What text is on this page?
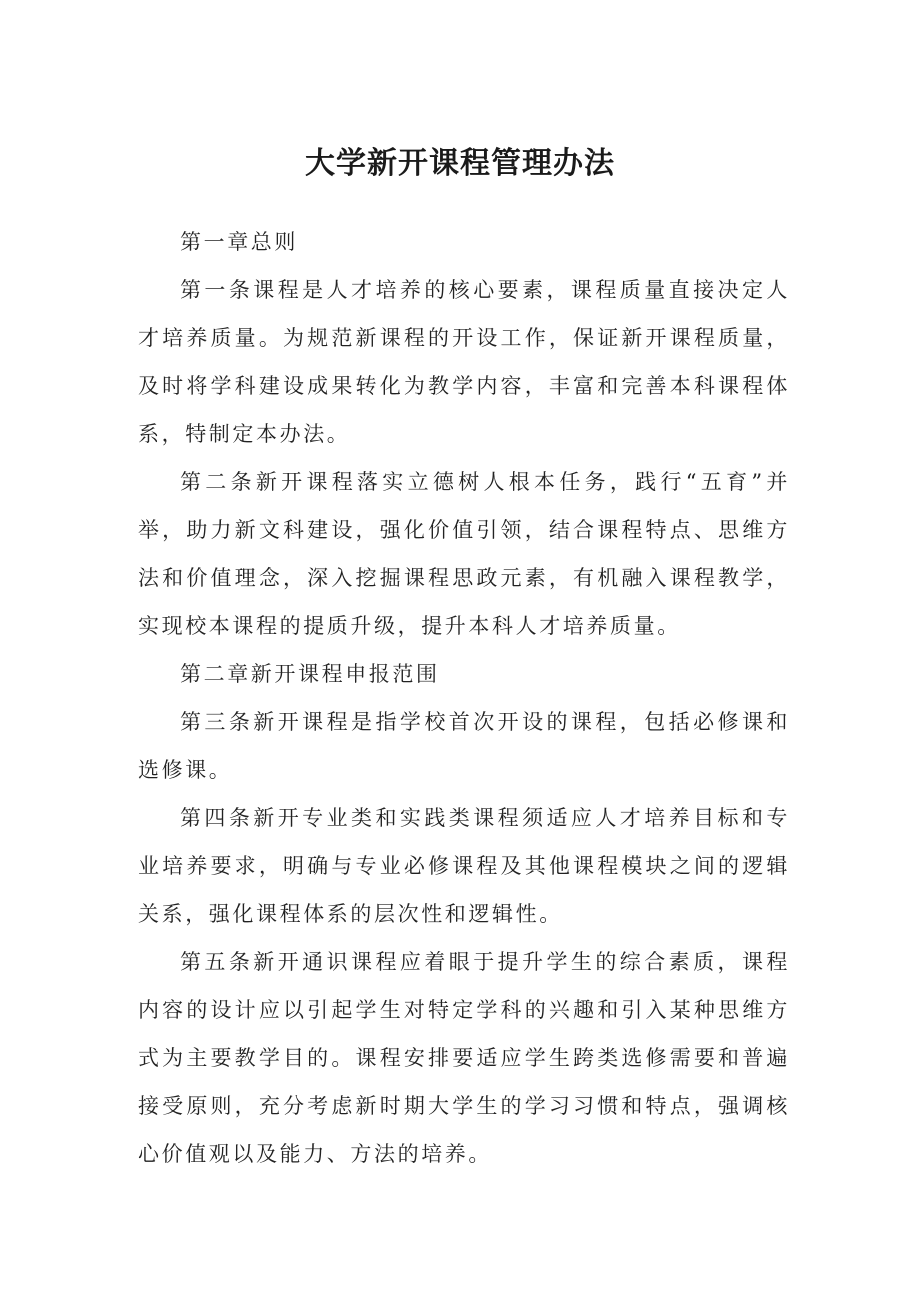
大学新开课程管理办法

第一章总则

第一条课程是人才培养的核心要素，课程质量直接决定人才培养质量。为规范新课程的开设工作，保证新开课程质量，及时将学科建设成果转化为教学内容，丰富和完善本科课程体系，特制定本办法。

第二条新开课程落实立德树人根本任务，践行“五育”并举，助力新文科建设，强化价值引领，结合课程特点、思维方法和价值理念，深入挖掘课程思政元素，有机融入课程教学，实现校本课程的提质升级，提升本科人才培养质量。

第二章新开课程申报范围

第三条新开课程是指学校首次开设的课程，包括必修课和选修课。

第四条新开专业类和实践类课程须适应人才培养目标和专业培养要求，明确与专业必修课程及其他课程模块之间的逻辑关系，强化课程体系的层次性和逻辑性。

第五条新开通识课程应着眼于提升学生的综合素质，课程内容的设计应以引起学生对特定学科的兴趣和引入某种思维方式为主要教学目的。课程安排要适应学生跨类选修需要和普遍接受原则，充分考虑新时期大学生的学习习惯和特点，强调核心价值观以及能力、方法的培养。
